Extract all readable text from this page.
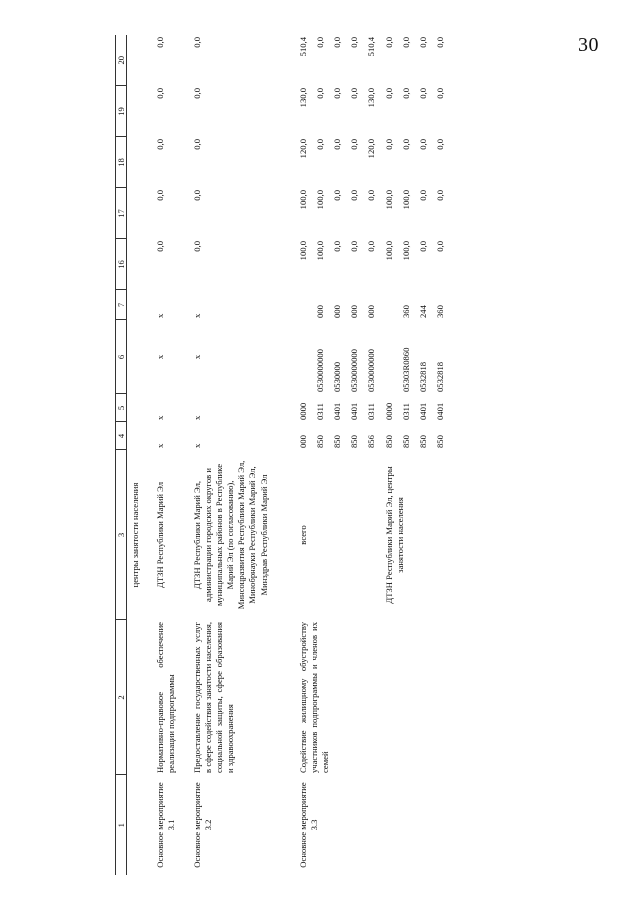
30
1	2	3	4	5	6	7	16	17	18	19	20
		центры занятости населения									

Основное мероприятие 3.1	Нормативно-правовое обеспечение реализации подпрограммы	ДТЗН Республики Марий Эл	х	х	х	х	0,0	0,0	0,0	0,0	0,0

Основное мероприятие 3.2	Предоставление государственных услуг в сфере содействия занятости населения, социальной защиты, сфере образования и здравоохранения	ДТЗН Республики Марий Эл, администрации городских округов и муниципальных районов в Республике Марий Эл (по согласованию), Минсоцразвития Республики Марий Эл, Минобрнауки Республики Марий Эл, Минздрав Республики Марий Эл	х	х	х	х	0,0	0,0	0,0	0,0	0,0

Основное мероприятие 3.3	Содействие жилищному обустройству участников подпрограммы и членов их семей	всего	000	0000			100,0	100,0	120,0	130,0	510,4
			850	0311	0530000000	000	100,0	100,0	0,0	0,0	0,0
			850	0401	0530000	000	0,0	0,0	0,0	0,0	0,0
			850	0401	0530000000	000	0,0	0,0	0,0	0,0	0,0
			856	0311	0530000000	000	0,0	0,0	120,0	130,0	510,4
		ДТЗН Республики Марий Эл, центры занятости населения	850	0000			100,0	100,0	0,0	0,0	0,0
			850	0311	05303R0860	360	100,0	100,0	0,0	0,0	0,0
			850	0401	0532818	244	0,0	0,0	0,0	0,0	0,0
			850	0401	0532818	360	0,0	0,0	0,0	0,0	0,0
